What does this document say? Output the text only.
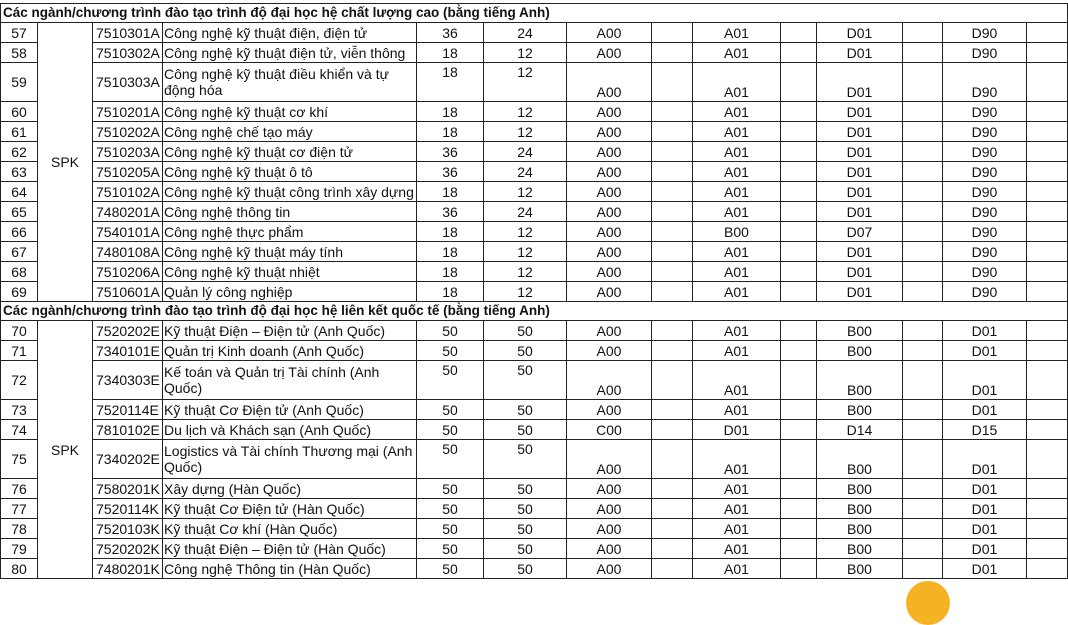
Các ngành/chương trình đào tạo trình độ đại học hệ chất lượng cao (bằng tiếng Anh)													
57	SPK	7510301A	Công nghệ kỹ thuật điện, điện tử	36	24	A00		A01		D01		D90	
58		7510302A	Công nghệ kỹ thuật điện tử, viễn thông	18	12	A00		A01		D01		D90	
59		7510303A	Công nghệ kỹ thuật điều khiển và tự động hóa	18	12	A00		A01		D01		D90	
60		7510201A	Công nghệ kỹ thuật cơ khí	18	12	A00		A01		D01		D90	
61		7510202A	Công nghệ chế tạo máy	18	12	A00		A01		D01		D90	
62		7510203A	Công nghệ kỹ thuật cơ điện tử	36	24	A00		A01		D01		D90	
63		7510205A	Công nghệ kỹ thuật ô tô	36	24	A00		A01		D01		D90	
64		7510102A	Công nghệ kỹ thuật công trình xây dựng	18	12	A00		A01		D01		D90	
65		7480201A	Công nghệ thông tin	36	24	A00		A01		D01		D90	
66		7540101A	Công nghệ thực phẩm	18	12	A00		B00		D07		D90	
67		7480108A	Công nghệ kỹ thuật máy tính	18	12	A00		A01		D01		D90	
68		7510206A	Công nghệ kỹ thuật nhiệt	18	12	A00		A01		D01		D90	
69		7510601A	Quản lý công nghiệp	18	12	A00		A01		D01		D90	
Các ngành/chương trình đào tạo trình độ đại học hệ liên kết quốc tế (bằng tiếng Anh)													
70	SPK	7520202E	Kỹ thuật Điện – Điện tử (Anh Quốc)	50	50	A00		A01		B00		D01	
71		7340101E	Quản trị Kinh doanh (Anh Quốc)	50	50	A00		A01		B00		D01	
72		7340303E	Kế toán và Quản trị Tài chính (Anh Quốc)	50	50	A00		A01		B00		D01	
73		7520114E	Kỹ thuật Cơ Điện tử (Anh Quốc)	50	50	A00		A01		B00		D01	
74		7810102E	Du lịch và Khách sạn (Anh Quốc)	50	50	C00		D01		D14		D15	
75		7340202E	Logistics và Tài chính Thương mại (Anh Quốc)	50	50	A00		A01		B00		D01	
76		7580201K	Xây dựng (Hàn Quốc)	50	50	A00		A01		B00		D01	
77		7520114K	Kỹ thuật Cơ Điện tử (Hàn Quốc)	50	50	A00		A01		B00		D01	
78		7520103K	Kỹ thuật Cơ khí (Hàn Quốc)	50	50	A00		A01		B00		D01	
79		7520202K	Kỹ thuật Điện – Điện tử (Hàn Quốc)	50	50	A00		A01		B00		D01	
80		7480201K	Công nghệ Thông tin (Hàn Quốc)	50	50	A00		A01		B00		D01	
